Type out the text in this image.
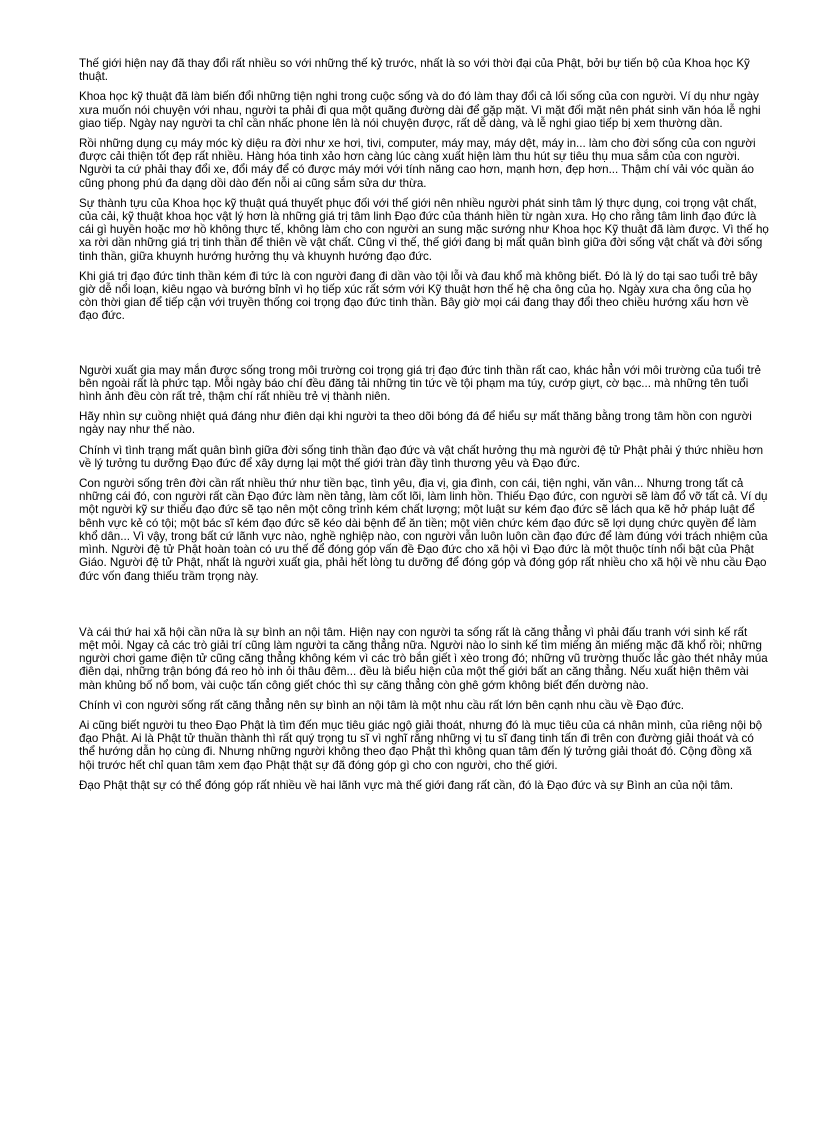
Thế giới hiện nay đã thay đổi rất nhiều so với những thế kỷ trước, nhất là so với thời đại của Phật, bởi bự tiến bộ của Khoa học Kỹ thuật.

Khoa học kỹ thuật đã làm biến đổi những tiện nghi trong cuộc sống và do đó làm thay đổi cả lối sống của con người. Ví dụ như ngày xưa muốn nói chuyện với nhau, người ta phải đi qua một quãng đường dài để gặp mặt. Vì mặt đối mặt nên phát sinh văn hóa lễ nghi giao tiếp. Ngày nay người ta chỉ cần nhấc phone lên là nói chuyện được, rất dễ dàng, và lễ nghi giao tiếp bị xem thường dần.

Rồi những dụng cụ máy móc kỳ diệu ra đời như xe hơi, tivi, computer, máy may, máy dệt, máy in... làm cho đời sống của con người được cải thiện tốt đẹp rất nhiều. Hàng hóa tinh xảo hơn càng lúc càng xuất hiện làm thu hút sự tiêu thụ mua sắm của con người. Người ta cứ phải thay đổi xe, đổi máy để có được máy mới với tính năng cao hơn, mạnh hơn, đẹp hơn... Thậm chí vải vóc quần áo cũng phong phú đa dạng dồi dào đến nỗi ai cũng sắm sửa dư thừa.

Sự thành tựu của Khoa học kỹ thuật quá thuyết phục đối với thế giới nên nhiều người phát sinh tâm lý thực dụng, coi trọng vật chất, của cải, kỹ thuật khoa học vật lý hơn là những giá trị tâm linh Đạo đức của thánh hiền từ ngàn xưa. Họ cho rằng tâm linh đạo đức là cái gì huyền hoặc mơ hồ không thực tế, không làm cho con người an sung mặc sướng như Khoa học Kỹ thuật đã làm được. Vì thế họ xa rời dần những giá trị tinh thần để thiên về vật chất. Cũng vì thế, thế giới đang bị mất quân bình giữa đời sống vật chất và đời sống tinh thần, giữa khuynh hướng hưởng thụ và khuynh hướng đạo đức.

Khi giá trị đạo đức tinh thần kém đi tức là con người đang đi dần vào tội lỗi và đau khổ mà không biết. Đó là lý do tại sao tuổi trẻ bây giờ dễ nổi loạn, kiêu ngạo và bướng bỉnh vì họ tiếp xúc rất sớm với Kỹ thuật hơn thế hệ cha ông của họ. Ngày xưa cha ông của họ còn thời gian để tiếp cận với truyền thống coi trọng đạo đức tinh thần. Bây giờ mọi cái đang thay đổi theo chiều hướng xấu hơn về đạo đức.

Người xuất gia may mắn được sống trong môi trường coi trọng giá trị đạo đức tinh thần rất cao, khác hẳn với môi trường của tuổi trẻ bên ngoài rất là phức tạp. Mỗi ngày báo chí đều đăng tải những tin tức về tội phạm ma túy, cướp giựt, cờ bạc... mà những tên tuổi hình ảnh đều còn rất trẻ, thậm chí rất nhiều trẻ vị thành niên.

Hãy nhìn sự cuồng nhiệt quá đáng như điên dại khi người ta theo dõi bóng đá để hiểu sự mất thăng bằng trong tâm hồn con người ngày nay như thế nào.

Chính vì tình trạng mất quân bình giữa đời sống tinh thần đạo đức và vật chất hưởng thụ mà người đệ tử Phật phải ý thức nhiều hơn về lý tưởng tu dưỡng Đạo đức để xây dựng lại một thế giới tràn đầy tình thương yêu và Đạo đức.

Con người sống trên đời cần rất nhiều thứ như tiền bạc, tình yêu, địa vị, gia đình, con cái, tiện nghi, văn vân... Nhưng trong tất cả những cái đó, con người rất cần Đạo đức làm nền tảng, làm cốt lõi, làm linh hồn. Thiếu Đạo đức, con người sẽ làm đổ vỡ tất cả. Ví dụ một người kỹ sư thiếu đạo đức sẽ tạo nên một công trình kém chất lượng; một luật sư kém đạo đức sẽ lách qua kẽ hở pháp luật để bênh vực kẻ có tội; một bác sĩ kém đạo đức sẽ kéo dài bệnh để ăn tiền; một viên chức kém đạo đức sẽ lợi dụng chức quyền để làm khổ dân... Vì vậy, trong bất cứ lãnh vực nào, nghề nghiệp nào, con người vẫn luôn luôn cần đạo đức để làm đúng với trách nhiệm của mình. Người đệ tử Phật hoàn toàn có ưu thế để đóng góp vấn đề Đạo đức cho xã hội vì Đạo đức là một thuộc tính nổi bật của Phật Giáo. Người đệ tử Phật, nhất là người xuất gia, phải hết lòng tu dưỡng để đóng góp và đóng góp rất nhiều cho xã hội về nhu cầu Đạo đức vốn đang thiếu trầm trọng này.

Và cái thứ hai xã hội cần nữa là sự bình an nội tâm. Hiện nay con người ta sống rất là căng thẳng vì phải đấu tranh với sinh kế rất mệt mỏi. Ngay cả các trò giải trí cũng làm người ta căng thẳng nữa. Người nào lo sinh kế tìm miếng ăn miếng mặc đã khổ rồi; những người chơi game điện tử cũng căng thẳng không kém vì các trò bắn giết ì xèo trong đó; những vũ trường thuốc lắc gào thét nhảy múa điên dại, những trận bóng đá reo hò inh ỏi thâu đêm... đều là biểu hiện của một thế giới bất an căng thẳng. Nếu xuất hiện thêm vài màn khủng bố nổ bom, vài cuộc tấn công giết chóc thì sự căng thẳng còn ghê gớm không biết đến dường nào.

Chính vì con người sống rất căng thẳng nên sự bình an nội tâm là một nhu cầu rất lớn bên cạnh nhu cầu về Đạo đức.

Ai cũng biết người tu theo Đạo Phật là tìm đến mục tiêu giác ngộ giải thoát, nhưng đó là mục tiêu của cá nhân mình, của riêng nội bộ đạo Phật. Ai là Phật tử thuần thành thì rất quý trọng tu sĩ vì nghĩ rằng những vị tu sĩ đang tinh tấn đi trên con đường giải thoát và có thể hướng dẫn họ cùng đi. Nhưng những người không theo đạo Phật thì không quan tâm đến lý tưởng giải thoát đó. Cộng đồng xã hội trước hết chỉ quan tâm xem đạo Phật thật sự đã đóng góp gì cho con người, cho thế giới.

Đạo Phật thật sự có thể đóng góp rất nhiều về hai lãnh vực mà thế giới đang rất cần, đó là Đạo đức và sự Bình an của nội tâm.
